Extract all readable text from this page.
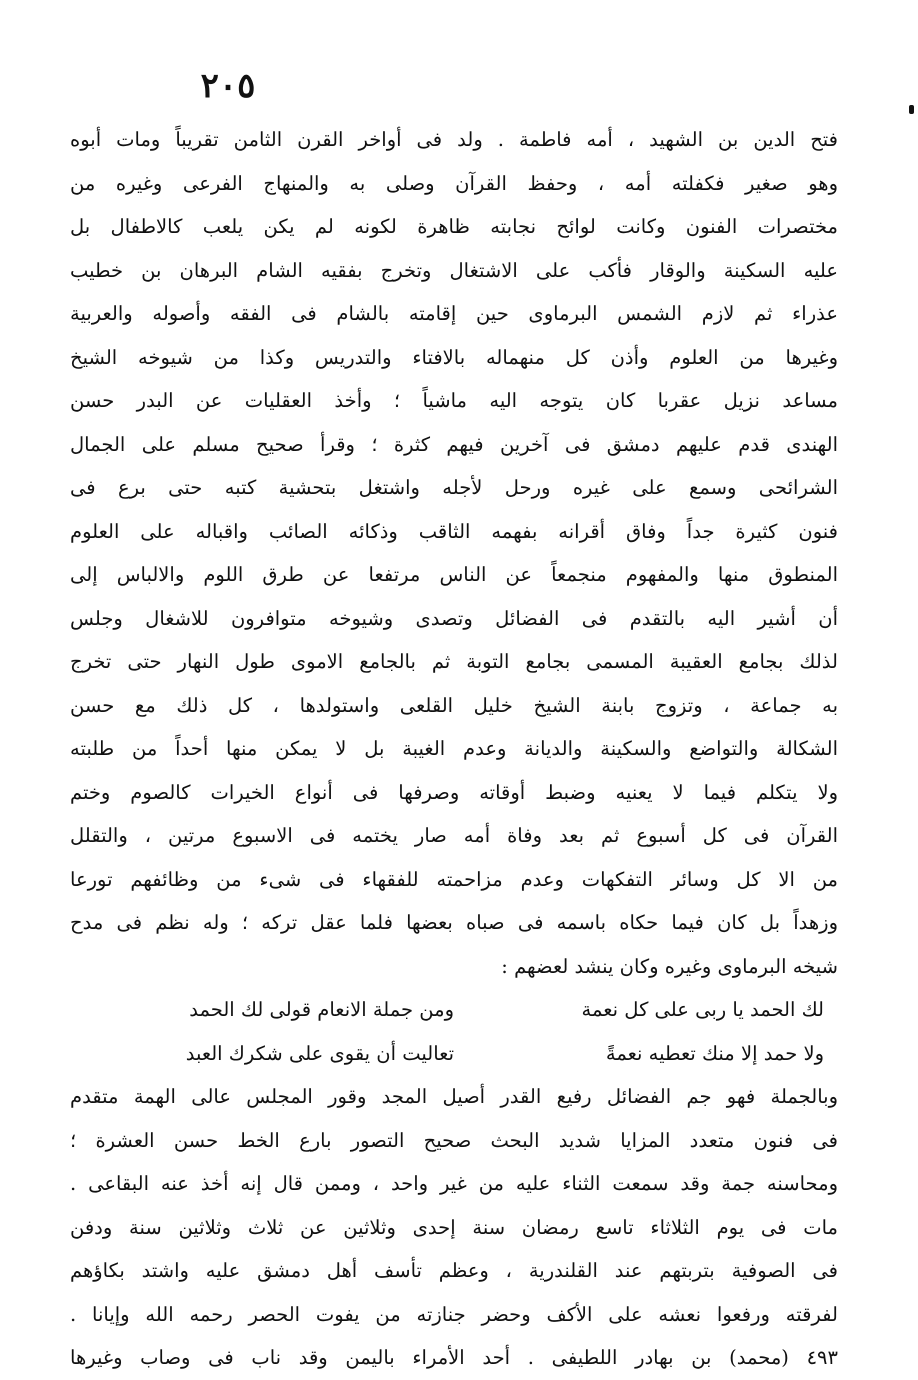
٢٠٥
فتح الدين بن الشهيد ، أمه فاطمة . ولد فى أواخر القرن الثامن تقريباً ومات أبوه
وهو صغير فكفلته أمه ، وحفظ القرآن وصلى به والمنهاج الفرعى وغيره من
مختصرات الفنون وكانت لوائح نجابته ظاهرة لكونه لم يكن يلعب كالاطفال بل
عليه السكينة والوقار فأكب على الاشتغال وتخرج بفقيه الشام البرهان بن خطيب
عذراء ثم لازم الشمس البرماوى حين إقامته بالشام فى الفقه وأصوله والعربية
وغيرها من العلوم وأذن كل منهماله بالافتاء والتدريس وكذا من شيوخه الشيخ
مساعد نزيل عقربا كان يتوجه اليه ماشياً ؛ وأخذ العقليات عن البدر حسن
الهندى قدم عليهم دمشق فى آخرين فيهم كثرة ؛ وقرأ صحيح مسلم على الجمال
الشرائحى وسمع على غيره ورحل لأجله واشتغل بتحشية كتبه حتى برع فى
فنون كثيرة جداً وفاق أقرانه بفهمه الثاقب وذكائه الصائب واقباله على العلوم
المنطوق منها والمفهوم منجمعاً عن الناس مرتفعا عن طرق اللوم والالباس إلى
أن أشير اليه بالتقدم فى الفضائل وتصدى وشيوخه متوافرون للاشغال وجلس
لذلك بجامع العقيبة المسمى بجامع التوبة ثم بالجامع الاموى طول النهار حتى تخرج
به جماعة ، وتزوج بابنة الشيخ خليل القلعى واستولدها ، كل ذلك مع حسن
الشكالة والتواضع والسكينة والديانة وعدم الغيبة بل لا يمكن منها أحداً من طلبته
ولا يتكلم فيما لا يعنيه وضبط أوقاته وصرفها فى أنواع الخيرات كالصوم وختم
القرآن فى كل أسبوع ثم بعد وفاة أمه صار يختمه فى الاسبوع مرتين ، والتقلل
من الا كل وسائر التفكهات وعدم مزاحمته للفقهاء فى شىء من وظائفهم تورعا
وزهداً بل كان فيما حكاه باسمه فى صباه بعضها فلما عقل تركه ؛ وله نظم فى مدح
شيخه البرماوى وغيره وكان ينشد لعضهم :
لك الحمد يا ربى على كل نعمة
ومن جملة الانعام قولى لك الحمد
ولا حمد إلا منك تعطيه نعمةً
تعاليت أن يقوى على شكرك العبد
وبالجملة فهو جم الفضائل رفيع القدر أصيل المجد وقور المجلس عالى الهمة متقدم
فى فنون متعدد المزايا شديد البحث صحيح التصور بارع الخط حسن العشرة ؛
ومحاسنه جمة وقد سمعت الثناء عليه من غير واحد ، وممن قال إنه أخذ عنه البقاعى .
مات فى يوم الثلاثاء تاسع رمضان سنة إحدى وثلاثين عن ثلاث وثلاثين سنة ودفن
فى الصوفية بتربتهم عند القلندرية ، وعظم تأسف أهل دمشق عليه واشتد بكاؤهم
لفرقته ورفعوا نعشه على الأكف وحضر جنازته من يفوت الحصر رحمه الله وإيانا .
٤٩٣ (محمد) بن بهادر اللطيفى . أحد الأمراء باليمن وقد ناب فى وصاب وغيرها
